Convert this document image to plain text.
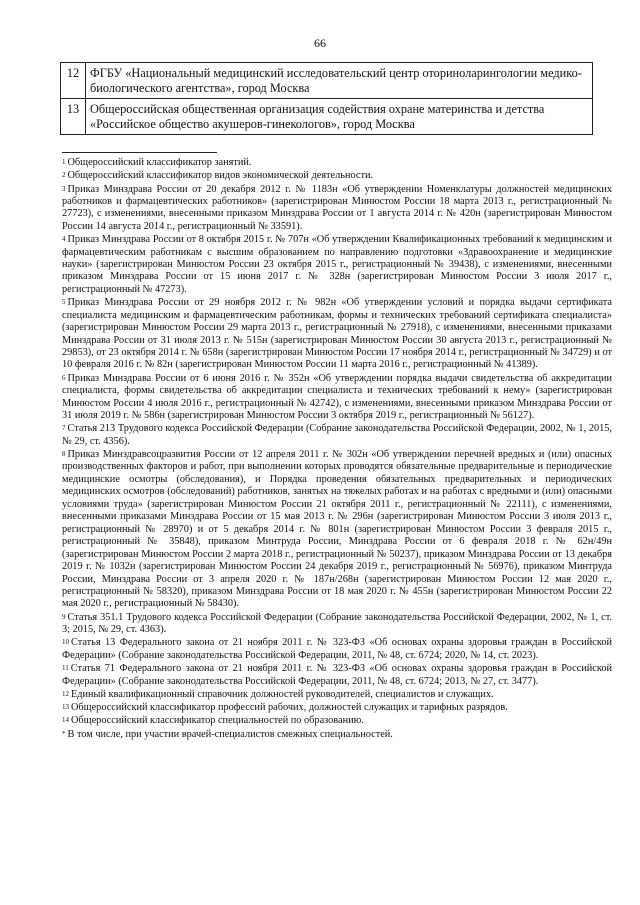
66
12	ФГБУ «Национальный медицинский исследовательский центр оториноларингологии медико-биологического агентства», город Москва
13	Общероссийская общественная организация содействия охране материнства и детства «Российское общество акушеров-гинекологов», город Москва

$^1$ Общероссийский классификатор занятий.

$^2$ Общероссийский классификатор видов экономической деятельности.

$^3$ Приказ Минздрава России от 20 декабря 2012 г. № 1183н «Об утверждении Номенклатуры должностей медицинских работников и фармацевтических работников» (зарегистрирован Минюстом России 18 марта 2013 г., регистрационный № 27723), с изменениями, внесенными приказом Минздрава России от 1 августа 2014 г. № 420н (зарегистрирован Минюстом России 14 августа 2014 г., регистрационный № 33591).

$^4$ Приказ Минздрава России от 8 октября 2015 г. № 707н «Об утверждении Квалификационных требований к медицинским и фармацевтическим работникам с высшим образованием по направлению подготовки «Здравоохранение и медицинские науки» (зарегистрирован Минюстом России 23 октября 2015 г., регистрационный № 39438), с изменениями, внесенными приказом Минздрава России от 15 июня 2017 г. № 328н (зарегистрирован Минюстом России 3 июля 2017 г., регистрационный № 47273).

$^5$ Приказ Минздрава России от 29 ноября 2012 г. № 982н «Об утверждении условий и порядка выдачи сертификата специалиста медицинским и фармацевтическим работникам, формы и технических требований сертификата специалиста» (зарегистрирован Минюстом России 29 марта 2013 г., регистрационный № 27918), с изменениями, внесенными приказами Минздрава России от 31 июля 2013 г. № 515н (зарегистрирован Минюстом России 30 августа 2013 г., регистрационный № 29853), от 23 октября 2014 г. № 658н (зарегистрирован Минюстом России 17 ноября 2014 г., регистрационный № 34729) и от 10 февраля 2016 г. № 82н (зарегистрирован Минюстом России 11 марта 2016 г., регистрационный № 41389).

$^6$ Приказ Минздрава России от 6 июня 2016 г. № 352н «Об утверждении порядка выдачи свидетельства об аккредитации специалиста, формы свидетельства об аккредитации специалиста и технических требований к нему» (зарегистрирован Минюстом России 4 июля 2016 г., регистрационный № 42742), с изменениями, внесенными приказом Минздрава России от 31 июля 2019 г. № 586н (зарегистрирован Минюстом России 3 октября 2019 г., регистрационный № 56127).

$^7$ Статья 213 Трудового кодекса Российской Федерации (Собрание законодательства Российской Федерации, 2002, № 1, 2015, № 29, ст. 4356).

$^8$ Приказ Минздравсоцразвития России от 12 апреля 2011 г. № 302н «Об утверждении перечней вредных и (или) опасных производственных факторов и работ, при выполнении которых проводятся обязательные предварительные и периодические медицинские осмотры (обследования), и Порядка проведения обязательных предварительных и периодических медицинских осмотров (обследований) работников, занятых на тяжелых работах и на работах с вредными и (или) опасными условиями труда» (зарегистрирован Минюстом России 21 октября 2011 г., регистрационный № 22111), с изменениями, внесенными приказами Минздрава России от 15 мая 2013 г. № 296н (зарегистрирован Минюстом России 3 июля 2013 г., регистрационный № 28970) и от 5 декабря 2014 г. № 801н (зарегистрирован Минюстом России 3 февраля 2015 г., регистрационный № 35848), приказом Минтруда России, Минздрава России от 6 февраля 2018 г. № 62н/49н (зарегистрирован Минюстом России 2 марта 2018 г., регистрационный № 50237), приказом Минздрава России от 13 декабря 2019 г. № 1032н (зарегистрирован Минюстом России 24 декабря 2019 г., регистрационный № 56976), приказом Минтруда России, Минздрава России от 3 апреля 2020 г. № 187н/268н (зарегистрирован Минюстом России 12 мая 2020 г., регистрационный № 58320), приказом Минздрава России от 18 мая 2020 г. № 455н (зарегистрирован Минюстом России 22 мая 2020 г., регистрационный № 58430).

$^9$ Статья 351.1 Трудового кодекса Российской Федерации (Собрание законодательства Российской Федерации, 2002, № 1, ст. 3; 2015, № 29, ст. 4363).

$^{10}$ Статья 13 Федерального закона от 21 ноября 2011 г. № 323-ФЗ «Об основах охраны здоровья граждан в Российской Федерации» (Собрание законодательства Российской Федерации, 2011, № 48, ст. 6724; 2020, № 14, ст. 2023).

$^{11}$ Статья 71 Федерального закона от 21 ноября 2011 г. № 323-ФЗ «Об основах охраны здоровья граждан в Российской Федерации» (Собрание законодательства Российской Федерации, 2011, № 48, ст. 6724; 2013, № 27, ст. 3477).

$^{12}$ Единый квалификационный справочник должностей руководителей, специалистов и служащих.

$^{13}$ Общероссийский классификатор профессий рабочих, должностей служащих и тарифных разрядов.

$^{14}$ Общероссийский классификатор специальностей по образованию.

* В том числе, при участии врачей-специалистов смежных специальностей.
